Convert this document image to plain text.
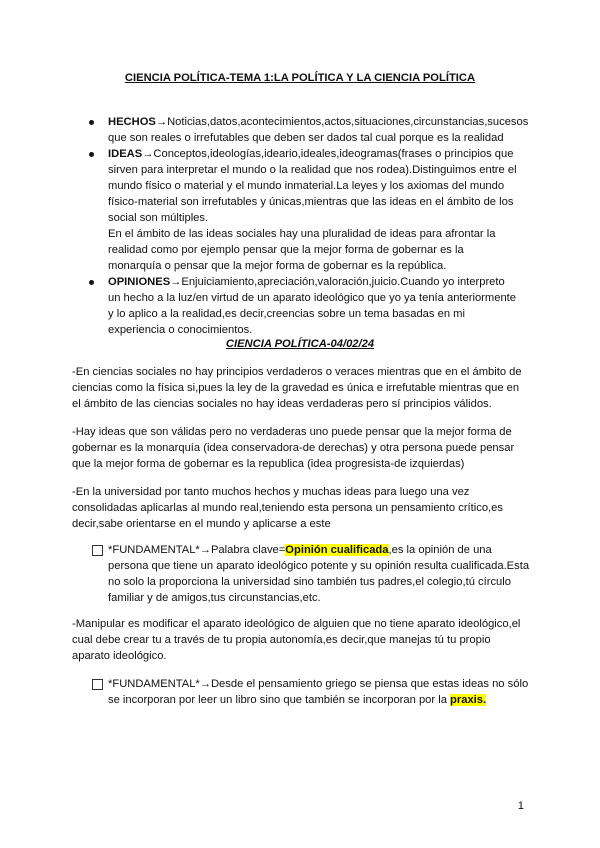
CIENCIA POLÍTICA-TEMA 1:LA POLÍTICA Y LA CIENCIA POLÍTICA
HECHOS→Noticias,datos,acontecimientos,actos,situaciones,circunstancias,sucesos que son reales o irrefutables que deben ser dados tal cual porque es la realidad
IDEAS→Conceptos,ideologías,ideario,ideales,ideogramas(frases o principios que sirven para interpretar el mundo o la realidad que nos rodea).Distinguimos entre el mundo físico o material y el mundo inmaterial.La leyes y los axiomas del mundo físico-material son irrefutables y únicas,mientras que las ideas en el ámbito de los social son múltiples.
En el ámbito de las ideas sociales hay una pluralidad de ideas para afrontar la realidad como por ejemplo pensar que la mejor forma de gobernar es la monarquía o pensar que la mejor forma de gobernar es la república.
OPINIONES→Enjuiciamiento,apreciación,valoración,juicio.Cuando yo interpreto un hecho a la luz/en virtud de un aparato ideológico que yo ya tenía anteriormente y lo aplico a la realidad,es decir,creencias sobre un tema basadas en mi experiencia o conocimientos.
CIENCIA POLÍTICA-04/02/24
-En ciencias sociales no hay principios verdaderos o veraces mientras que en el ámbito de ciencias como la física si,pues la ley de la gravedad es única e irrefutable mientras que en el ámbito de las ciencias sociales no hay ideas verdaderas pero sí principios válidos.
-Hay ideas que son válidas pero no verdaderas uno puede pensar que la mejor forma de gobernar es la monarquía (idea conservadora-de derechas) y otra persona puede pensar que la mejor forma de gobernar es la republica (idea progresista-de izquierdas)
-En la universidad por tanto muchos hechos y muchas ideas para luego una vez consolidadas aplicarlas al mundo real,teniendo esta persona un pensamiento crítico,es decir,sabe orientarse en el mundo y aplicarse a este
*FUNDAMENTAL*→Palabra clave=Opinión cualificada,es la opinión de una persona que tiene un aparato ideológico potente y su opinión resulta cualificada.Esta no solo la proporciona la universidad sino también tus padres,el colegio,tú círculo familiar y de amigos,tus circunstancias,etc.
-Manipular es modificar el aparato ideológico de alguien que no tiene aparato ideológico,el cual debe crear tu a través de tu propia autonomía,es decir,que manejas tú tu propio aparato ideológico.
*FUNDAMENTAL*→Desde el pensamiento griego se piensa que estas ideas no sólo se incorporan por leer un libro sino que también se incorporan por la praxis.
1
